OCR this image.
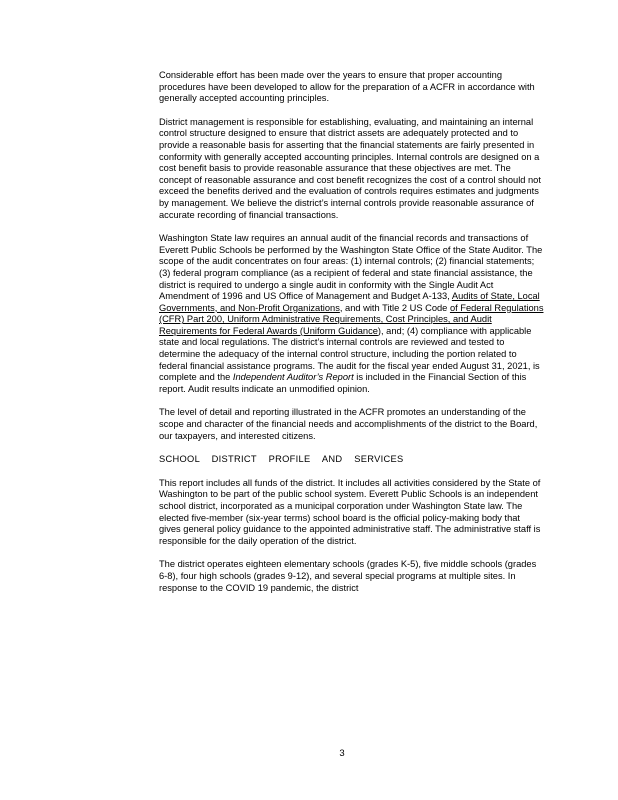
Considerable effort has been made over the years to ensure that proper accounting procedures have been developed to allow for the preparation of a ACFR in accordance with generally accepted accounting principles.

District management is responsible for establishing, evaluating, and maintaining an internal control structure designed to ensure that district assets are adequately protected and to provide a reasonable basis for asserting that the financial statements are fairly presented in conformity with generally accepted accounting principles. Internal controls are designed on a cost benefit basis to provide reasonable assurance that these objectives are met. The concept of reasonable assurance and cost benefit recognizes the cost of a control should not exceed the benefits derived and the evaluation of controls requires estimates and judgments by management. We believe the district’s internal controls provide reasonable assurance of accurate recording of financial transactions.

Washington State law requires an annual audit of the financial records and transactions of Everett Public Schools be performed by the Washington State Office of the State Auditor. The scope of the audit concentrates on four areas: (1) internal controls; (2) financial statements; (3) federal program compliance (as a recipient of federal and state financial assistance, the district is required to undergo a single audit in conformity with the Single Audit Act Amendment of 1996 and US Office of Management and Budget A-133, Audits of State, Local Governments, and Non-Profit Organizations, and with Title 2 US Code of Federal Regulations (CFR) Part 200, Uniform Administrative Requirements, Cost Principles, and Audit Requirements for Federal Awards (Uniform Guidance), and; (4) compliance with applicable state and local regulations. The district’s internal controls are reviewed and tested to determine the adequacy of the internal control structure, including the portion related to federal financial assistance programs. The audit for the fiscal year ended August 31, 2021, is complete and the Independent Auditor’s Report is included in the Financial Section of this report. Audit results indicate an unmodified opinion.

The level of detail and reporting illustrated in the ACFR promotes an understanding of the scope and character of the financial needs and accomplishments of the district to the Board, our taxpayers, and interested citizens.

SCHOOL DISTRICT PROFILE AND SERVICES

This report includes all funds of the district. It includes all activities considered by the State of Washington to be part of the public school system. Everett Public Schools is an independent school district, incorporated as a municipal corporation under Washington State law. The elected five-member (six-year terms) school board is the official policy-making body that gives general policy guidance to the appointed administrative staff. The administrative staff is responsible for the daily operation of the district.

The district operates eighteen elementary schools (grades K-5), five middle schools (grades 6-8), four high schools (grades 9-12), and several special programs at multiple sites. In response to the COVID 19 pandemic, the district

3
